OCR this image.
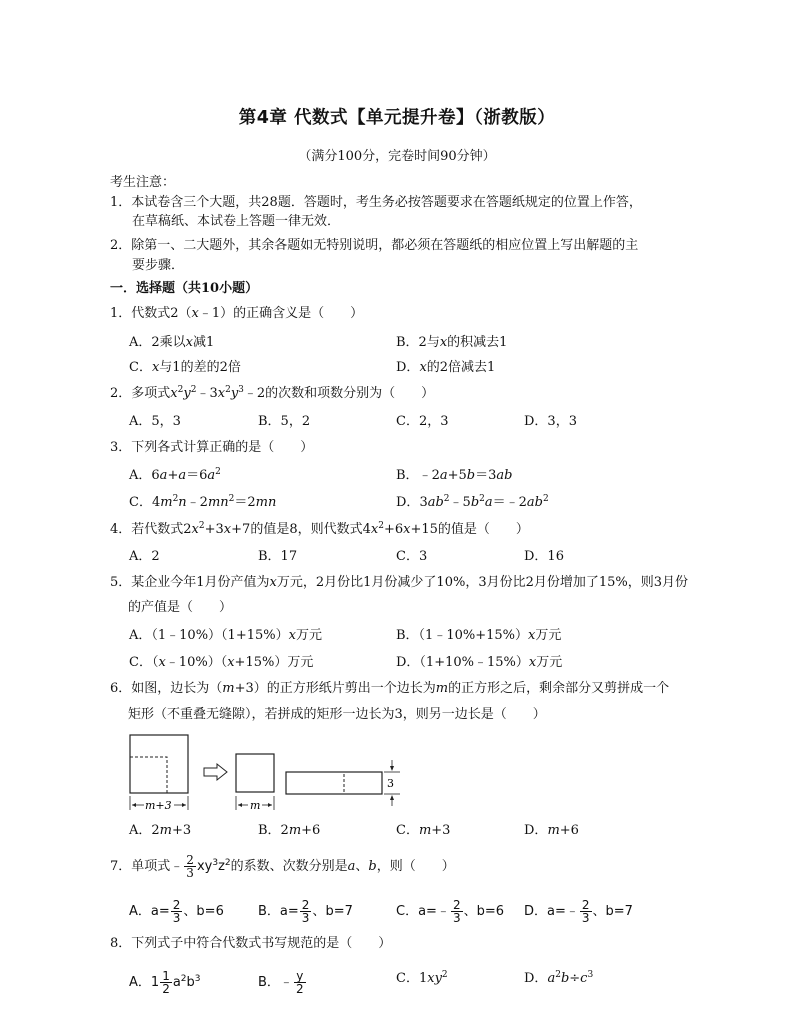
第4章 代数式【单元提升卷】（浙教版）
（满分100分，完卷时间90分钟）
考生注意：
1．本试卷含三个大题，共28题．答题时，考生务必按答题要求在答题纸规定的位置上作答，
在草稿纸、本试卷上答题一律无效．
2．除第一、二大题外，其余各题如无特别说明，都必须在答题纸的相应位置上写出解题的主
要步骤．
一．选择题（共10小题）
1．代数式2（x﹣1）的正确含义是（　　）
A．2乘以x减1	B．2与x的积减去1
C．x与1的差的2倍	D．x的2倍减去1
2．多项式$x^2y^2﹣3x^2y^3﹣2$的次数和项数分别为（　　）
A．5，3	B．5，2	C．2，3	D．3，3
3．下列各式计算正确的是（　　）
A．$6a+a=6a^2$	B．﹣2a+5b＝3ab
C．$4m^2n﹣2mn^2=2mn$	D．$3ab^2﹣5b^2a=﹣2ab^2$
4．若代数式$2x^2+3x+7$的值是8，则代数式$4x^2+6x+15$的值是（　　）
A．2	B．17	C．3	D．16
5．某企业今年1月份产值为x万元，2月份比1月份减少了10%，3月份比2月份增加了15%，则3月份
的产值是（　　）
A．（1﹣10%）（1+15%）x万元	B．（1﹣10%+15%）x万元
C．（x﹣10%）（x+15%）万元	D．（1+10%﹣15%）x万元
6．如图，边长为（m+3）的正方形纸片剪出一个边长为m的正方形之后，剩余部分又剪拼成一个
矩形（不重叠无缝隙），若拼成的矩形一边长为3，则另一边长是（　　）
m+3	m
3
A．2m+3	B．2m+6	C．m+3	D．m+6
7．单项式﹣ $\frac{2}{3} xy^3z^2$的系数、次数分别是a、b，则（　　）
A．$a= \frac{2}{3}$ 、b=6	B．$a= \frac{2}{3}$ 、b=7	C．a=﹣ $\frac{2}{3}$ 、b=6 D．a=﹣ $\frac{2}{3}$ 、b=7
8．下列式子中符合代数式书写规范的是（　　）
A．$1 \frac{1}{2} a^2b^3$	B．﹣ $\frac{y}{2}$	C．$1xy^2$	D．$a^2b\div c^3$
